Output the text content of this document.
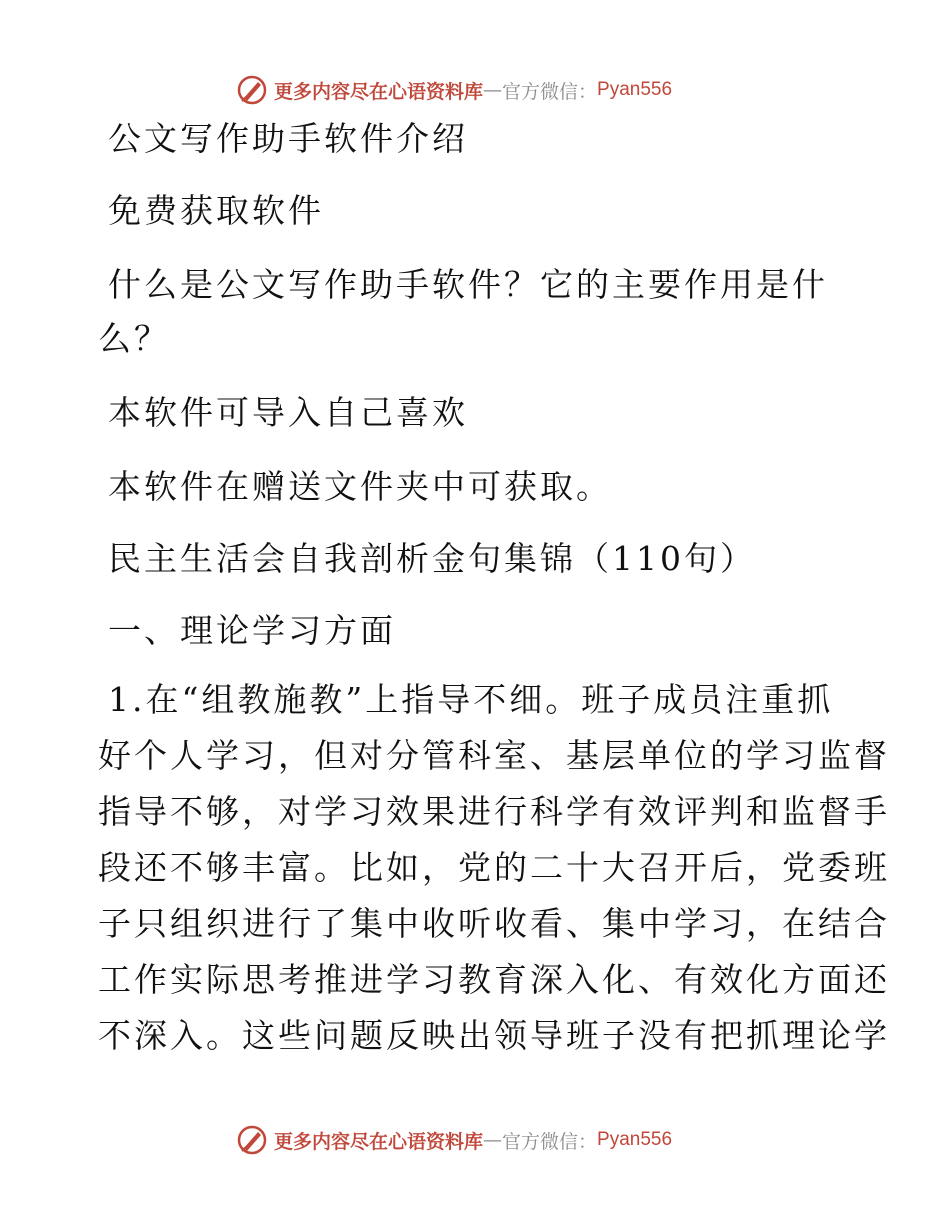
更多内容尽在心语资料库 — 官方微信： Pyan556

公文写作助手软件介绍

免费获取软件

什么是公文写作助手软件？它的主要作用是什

么？

本软件可导入自己喜欢

本软件在赠送文件夹中可获取。

民主生活会自我剖析金句集锦（110句）

一、理论学习方面

1.在“组教施教”上指导不细。班子成员注重抓
好个人学习，但对分管科室、基层单位的学习监督
指导不够，对学习效果进行科学有效评判和监督手
段还不够丰富。比如，党的二十大召开后，党委班
子只组织进行了集中收听收看、集中学习，在结合
工作实际思考推进学习教育深入化、有效化方面还
不深入。这些问题反映出领导班子没有把抓理论学
更多内容尽在心语资料库 — 官方微信： Pyan556
